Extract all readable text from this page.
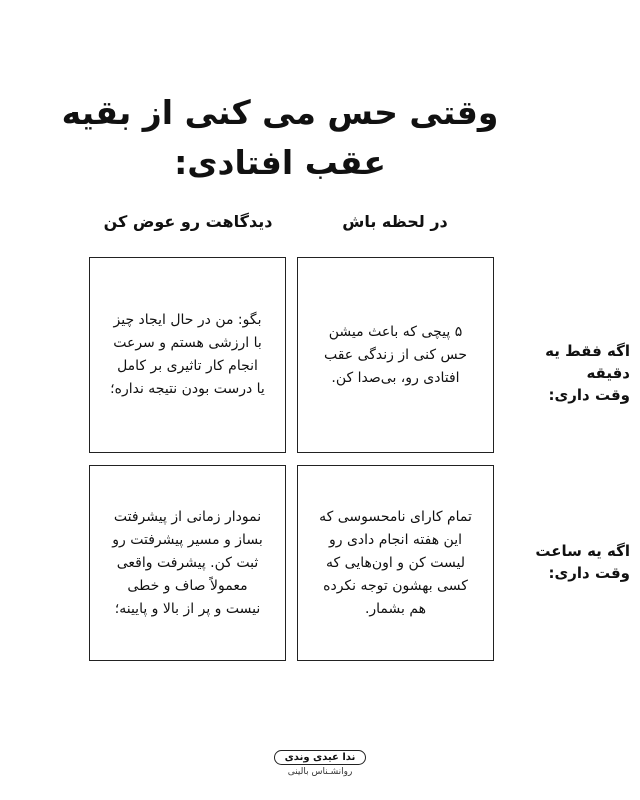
وقتی حس می کنی از بقیه
عقب افتادی:
در لحظه باش
دیدگاهت رو عوض کن
اگه فقط یه دقیقه
وقت داری:
اگه یه ساعت
وقت داری:
۵ پیچی که باعث میشن
حس کنی از زندگی عقب
افتادی رو، بی‌صدا کن.
بگو: من در حال ایجاد چیز
با ارزشی هستم و سرعت
انجام کار تاثیری بر کامل
یا درست بودن نتیجه نداره؛
تمام کارای نامحسوسی که
این هفته انجام دادی رو
لیست کن و اون‌هایی که
کسی بهشون توجه نکرده
هم بشمار.
نمودار زمانی از پیشرفتت
بساز و مسیر پیشرفتت رو
ثبت کن. پیشرفت واقعی
معمولاً صاف و خطی
نیست و پر از بالا و پایینه؛
ندا عیدی وندی
روانشـناس بالینی
